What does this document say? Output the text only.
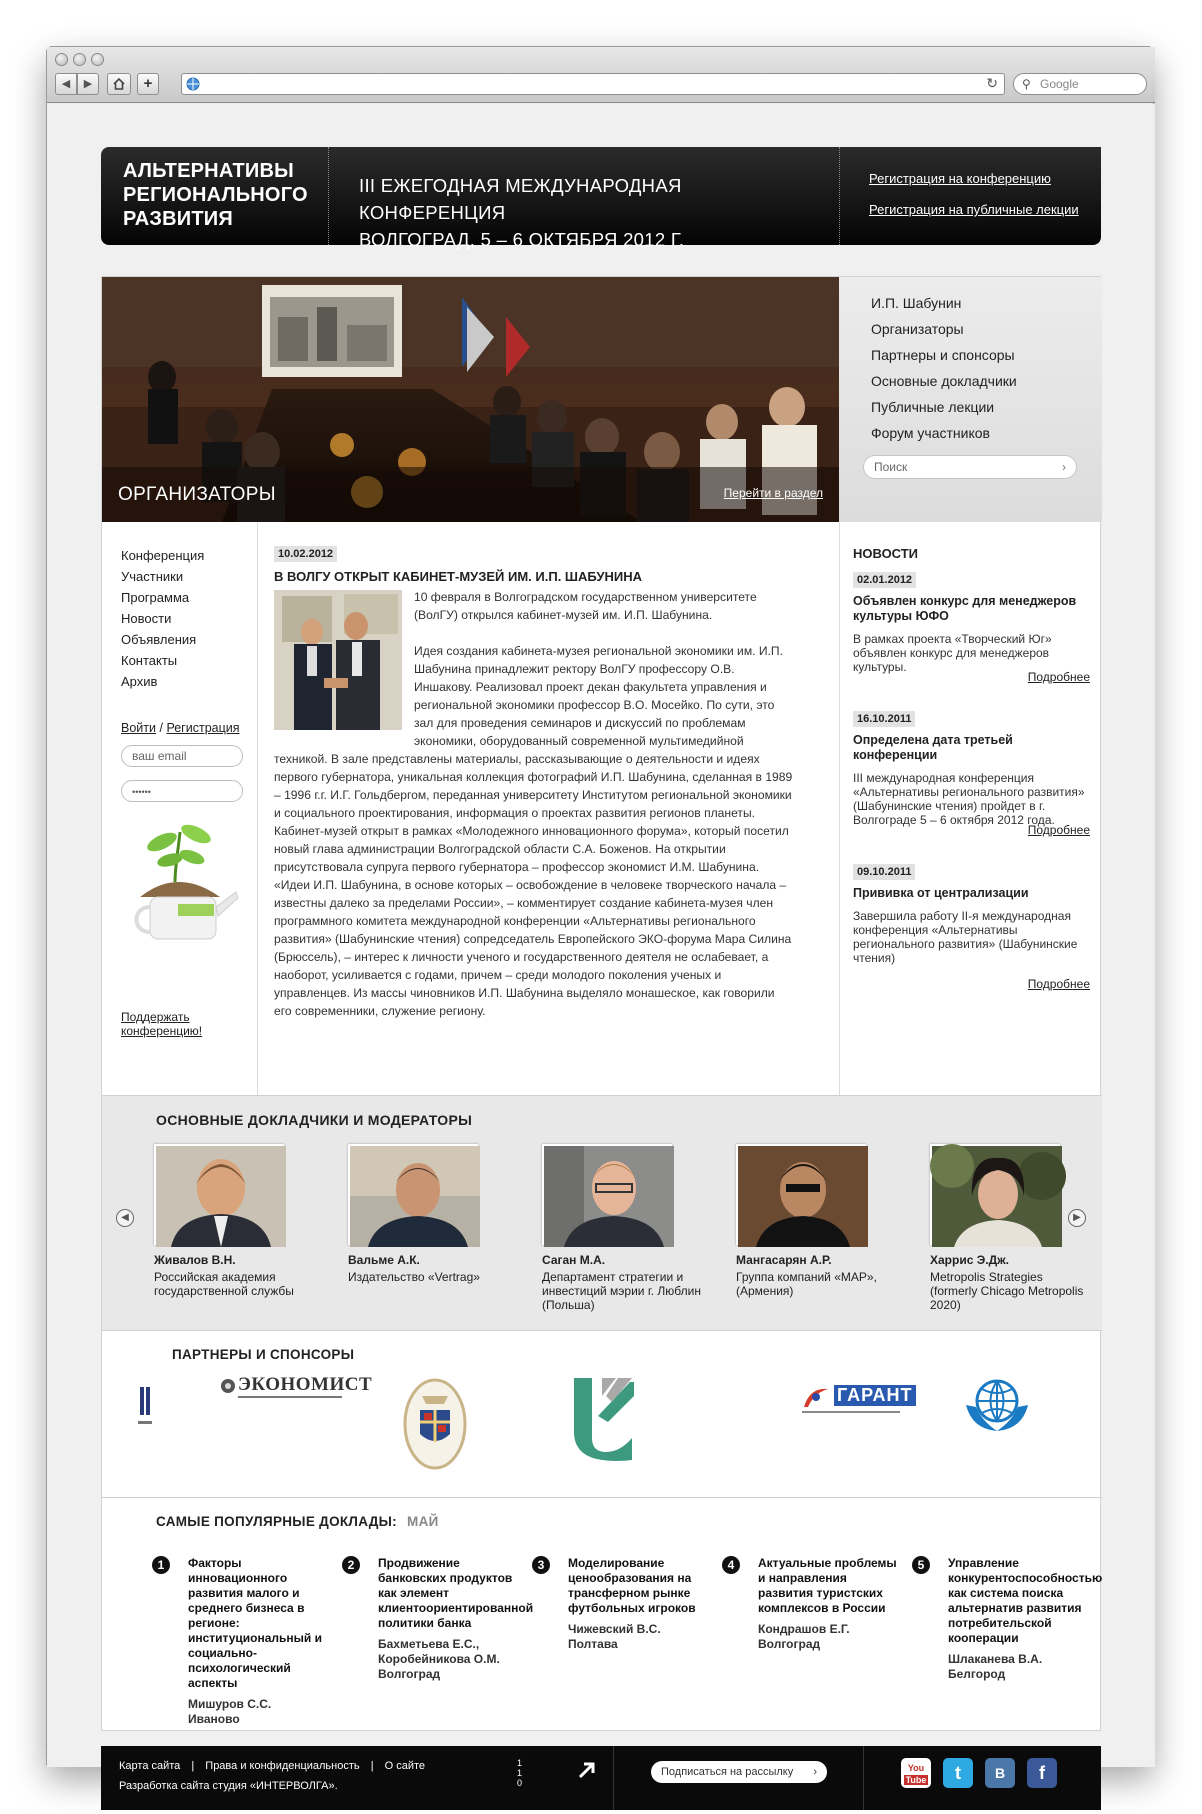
◀	▶	+	↻ ⚲ Google
АЛЬТЕРНАТИВЫ
РЕГИОНАЛЬНОГО
РАЗВИТИЯ
III ЕЖЕГОДНАЯ МЕЖДУНАРОДНАЯ КОНФЕРЕНЦИЯ
ВОЛГОГРАД, 5 – 6 ОКТЯБРЯ 2012 Г.
Регистрация на конференцию
Регистрация на публичные лекции
ОРГАНИЗАТОРЫ	Перейти в раздел
И.П. Шабунин
Организаторы
Партнеры и спонсоры
Основные докладчики
Публичные лекции
Форум участников
Поиск	›
Конференция
Участники
Программа
Новости
Объявления
Контакты
Архив
Войти / Регистрация
ваш email
••••••
Поддержать
конференцию!
10.02.2012
В ВОЛГУ ОТКРЫТ КАБИНЕТ-МУЗЕЙ ИМ. И.П. ШАБУНИНА

10 февраля в Волгоградском государственном университете (ВолГУ) открылся кабинет-музей им. И.П. Шабунина.

Идея создания кабинета-музея региональной экономики им. И.П. Шабунина принадлежит ректору ВолГУ профессору О.В. Иншакову. Реализовал проект декан факультета управления и региональной экономики профессор В.О. Мосейко. По сути, это зал для проведения семинаров и дискуссий по проблемам экономики, оборудованный современной мультимедийной техникой. В зале представлены материалы, рассказывающие о деятельности и идеях первого губернатора, уникальная коллекция фотографий И.П. Шабунина, сделанная в 1989 – 1996 г.г. И.Г. Гольдбергом, переданная университету Институтом региональной экономики и социального проектирования, информация о проектах развития регионов планеты. Кабинет-музей открыт в рамках «Молодежного инновационного форума», который посетил новый глава администрации Волгоградской области С.А. Боженов. На открытии присутствовала супруга первого губернатора – профессор экономист И.М. Шабунина. «Идеи И.П. Шабунина, в основе которых – освобождение в человеке творческого начала – известны далеко за пределами России», – комментирует создание кабинета-музея член программного комитета международной конференции «Альтернативы регионального развития» (Шабунинские чтения) сопредседатель Европейского ЭКО-форума Мара Силина (Брюссель), – интерес к личности ученого и государственного деятеля не ослабевает, а наоборот, усиливается с годами, причем – среди молодого поколения ученых и управленцев. Из массы чиновников И.П. Шабунина выделяло монашеское, как говорили его современники, служение региону.

НОВОСТИ
02.01.2012
Объявлен конкурс для менеджеров культуры ЮФО
В рамках проекта «Творческий Юг» объявлен конкурс для менеджеров культуры.
Подробнее
16.10.2011
Определена дата третьей конференции
III международная конференция «Альтернативы регионального развития» (Шабунинские чтения) пройдет в г. Волгограде 5 – 6 октября 2012 года.
Подробнее
09.10.2011
Прививка от централизации
Завершила работу II-я международная конференция «Альтернативы регионального развития» (Шабунинские чтения)
Подробнее
ОСНОВНЫЕ ДОКЛАДЧИКИ И МОДЕРАТОРЫ
◀	▶
Живалов В.Н.
Российская академия
государственной службы
Вальме А.К.
Издательство «Vertrag»
Саган М.А.
Департамент стратегии и
инвестиций мэрии г. Люблин
(Польша)
Мангасарян А.Р.
Группа компаний «MAP»,
(Армения)
Харрис Э.Дж.
Metropolis Strategies
(formerly Chicago Metropolis
2020)
ПАРТНЕРЫ И СПОНСОРЫ
ЭКОНОМИСТ	ГАРАНТ
САМЫЕ ПОПУЛЯРНЫЕ ДОКЛАДЫ: МАЙ
1	Факторы инновационного развития малого и среднего бизнеса в регионе: институциональный и социально-психологический аспекты
Мишуров С.С.
Иваново
2	Продвижение банковских продуктов как элемент клиентоориентированной политики банка
Бахметьева Е.С.,
Коробейникова О.М.
Волгоград
3	Моделирование ценообразования на трансферном рынке футбольных игроков
Чижевский В.С.
Полтава
4	Актуальные проблемы и направления развития туристских комплексов в России
Кондрашов Е.Г.
Волгоград
5	Управление конкурентоспособностью как система поиска альтернатив развития потребительской кооперации
Шлаканева В.А.
Белгород
Карта сайта | Права и конфиденциальность | О сайте
Разработка сайта студия «ИНТЕРВОЛГА».
1 1 0
Подписаться на рассылку ›	You
Tube	t	B	f
